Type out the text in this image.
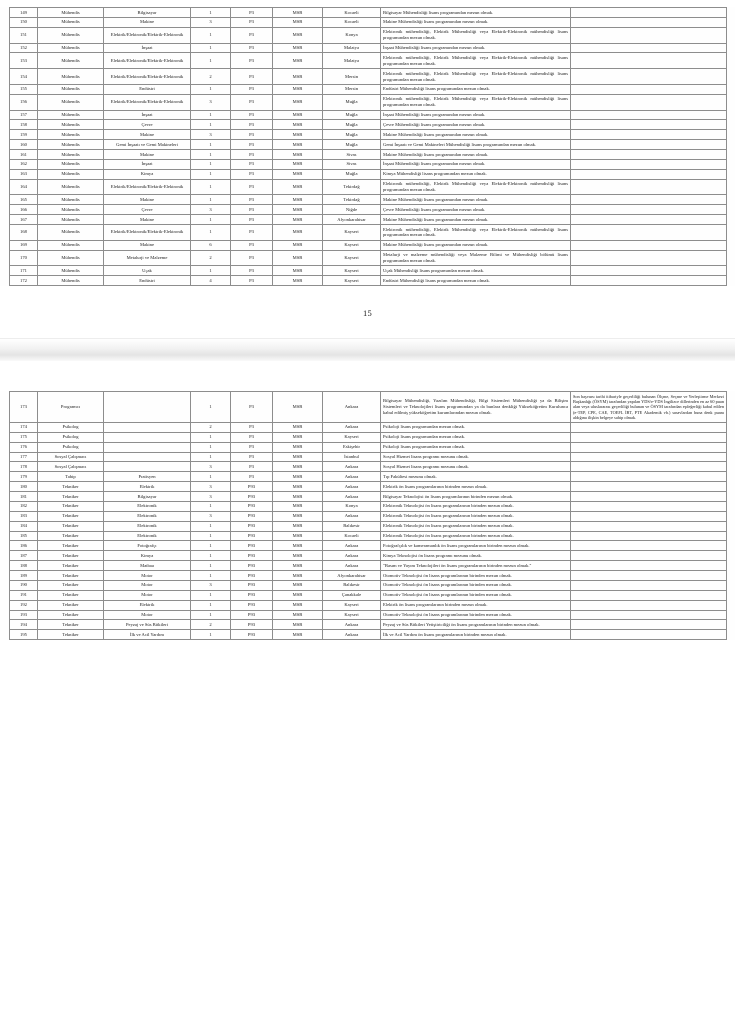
149	Mühendis	Bilgisayar	1	P3	MSB	Kocaeli	Bilgisayar Mühendisliği lisans programından mezun olmak.	
150	Mühendis	Makine	3	P3	MSB	Kocaeli	Makine Mühendisliği lisans programından mezun olmak.	
151	Mühendis	Elektrik/Elektronik/Elektrik-Elektronik	1	P3	MSB	Konya	Elektronik mühendisliği, Elektrik Mühendisliği veya Elektrik-Elektronik mühendisliği lisans programından mezun olmak.	
152	Mühendis	İnşaat	1	P3	MSB	Malatya	İnşaat Mühendisliği lisans programından mezun olmak.	
153	Mühendis	Elektrik/Elektronik/Elektrik-Elektronik	1	P3	MSB	Malatya	Elektronik mühendisliği, Elektrik Mühendisliği veya Elektrik-Elektronik mühendisliği lisans programından mezun olmak.	
154	Mühendis	Elektrik/Elektronik/Elektrik-Elektronik	2	P3	MSB	Mersin	Elektronik mühendisliği, Elektrik Mühendisliği veya Elektrik-Elektronik mühendisliği lisans programından mezun olmak.	
155	Mühendis	Endüstri	1	P3	MSB	Mersin	Endüstri Mühendisliği lisans programından mezun olmak.	
156	Mühendis	Elektrik/Elektronik/Elektrik-Elektronik	3	P3	MSB	Muğla	Elektronik mühendisliği, Elektrik Mühendisliği veya Elektrik-Elektronik mühendisliği lisans programından mezun olmak.	
157	Mühendis	İnşaat	1	P3	MSB	Muğla	İnşaat Mühendisliği lisans programından mezun olmak.	
158	Mühendis	Çevre	1	P3	MSB	Muğla	Çevre Mühendisliği lisans programından mezun olmak.	
159	Mühendis	Makine	3	P3	MSB	Muğla	Makine Mühendisliği lisans programından mezun olmak.	
160	Mühendis	Gemi İnşaatı ve Gemi Makineleri	1	P3	MSB	Muğla	Gemi İnşaatı ve Gemi Makineleri Mühendisliği lisans programından mezun olmak.	
161	Mühendis	Makine	1	P3	MSB	Sivas	Makine Mühendisliği lisans programından mezun olmak.	
162	Mühendis	İnşaat	1	P3	MSB	Sivas	İnşaat Mühendisliği lisans programından mezun olmak.	
163	Mühendis	Kimya	1	P3	MSB	Muğla	Kimya Mühendisliği lisans programından mezun olmak.	
164	Mühendis	Elektrik/Elektronik/Elektrik-Elektronik	1	P3	MSB	Tekirdağ	Elektronik mühendisliği, Elektrik Mühendisliği veya Elektrik-Elektronik mühendisliği lisans programından mezun olmak.	
165	Mühendis	Makine	1	P3	MSB	Tekirdağ	Makine Mühendisliği lisans programından mezun olmak.	
166	Mühendis	Çevre	3	P3	MSB	Niğde	Çevre Mühendisliği lisans programından mezun olmak.	
167	Mühendis	Makine	1	P3	MSB	Afyonkarahisar	Makine Mühendisliği lisans programından mezun olmak.	
168	Mühendis	Elektrik/Elektronik/Elektrik-Elektronik	1	P3	MSB	Kayseri	Elektronik mühendisliği, Elektrik Mühendisliği veya Elektrik-Elektronik mühendisliği lisans programından mezun olmak.	
169	Mühendis	Makine	6	P3	MSB	Kayseri	Makine Mühendisliği lisans programından mezun olmak.	
170	Mühendis	Metalurji ve Malzeme	2	P3	MSB	Kayseri	Metalurji ve malzeme mühendisliği veya Malzeme Bilimi ve Mühendisliği bölümü lisans programından mezun olmak.	
171	Mühendis	Uçak	1	P3	MSB	Kayseri	Uçak Mühendisliği lisans programından mezun olmak.	
172	Mühendis	Endüstri	4	P3	MSB	Kayseri	Endüstri Mühendisliği lisans programından mezun olmak.	
15
173	Programcı		1	P3	MSB	Ankara	Bilgisayar Mühendisliği, Yazılım Mühendisliği, Bilgi Sistemleri Mühendisliği ya da Bilişim Sistemleri ve Teknolojileri lisans programından ya da bunlara denkliği Yükseköğretim Kurulunca kabul edilmiş yükseköğretim kurumlarından mezun olmak.	Son başvuru tarihi itibariyle geçerliliği bulunan Ölçme, Seçme ve Yerleştirme Merkezi Başkanlığı (ÖSYM) tarafından yapılan YDS/e-YDS İngilizce dillerinden en az 60 puan alan veya uluslararası geçerliliği bulunan ve ÖSYM tarafından eşdeğerliği kabul edilen (e-TEP, CPE, CAE, TOEFL İBT, PTE Akademik vb.) sınavlardan buna denk puanı aldığına ilişkin belgeye sahip olmak.
174	Psikolog		2	P3	MSB	Ankara	Psikoloji lisans programından mezun olmak.	
175	Psikolog		1	P3	MSB	Kayseri	Psikoloji lisans programından mezun olmak.	
176	Psikolog		1	P3	MSB	Eskişehir	Psikoloji lisans programından mezun olmak.	
177	Sosyal Çalışmacı		1	P3	MSB	İstanbul	Sosyal Hizmet lisans programı mezunu olmak.	
178	Sosyal Çalışmacı		3	P3	MSB	Ankara	Sosyal Hizmet lisans programı mezunu olmak.	
179	Tabip	Pratisyen	1	P3	MSB	Ankara	Tıp Fakültesi mezunu olmak.	
180	Tekniker	Elektrik	3	P93	MSB	Ankara	Elektrik ön lisans programlarının birinden mezun olmak.	
181	Tekniker	Bilgisayar	3	P93	MSB	Ankara	Bilgisayar Teknolojisi ön lisans programlarının birinden mezun olmak.	
182	Tekniker	Elektronik	1	P93	MSB	Konya	Elektronik Teknolojisi ön lisans programlarının birinden mezun olmak.	
183	Tekniker	Elektronik	3	P93	MSB	Ankara	Elektronik Teknolojisi ön lisans programlarının birinden mezun olmak.	
184	Tekniker	Elektronik	1	P93	MSB	Balıkesir	Elektronik Teknolojisi ön lisans programlarının birinden mezun olmak.	
185	Tekniker	Elektronik	1	P93	MSB	Kocaeli	Elektronik Teknolojisi ön lisans programlarının birinden mezun olmak.	
186	Tekniker	Fotoğrafçı	1	P93	MSB	Ankara	Fotoğrafçılık ve kameramanlık ön lisans programlarının birinden mezun olmak.	
187	Tekniker	Kimya	1	P93	MSB	Ankara	Kimya Teknolojisi ön lisans programı mezunu olmak.	
188	Tekniker	Matbaa	1	P93	MSB	Ankara	"Basım ve Yayım Teknolojileri ön lisans programlarının birinden mezun olmak."	
189	Tekniker	Motor	1	P93	MSB	Afyonkarahisar	Otomotiv Teknolojisi ön lisans programlarının birinden mezun olmak.	
190	Tekniker	Motor	3	P93	MSB	Balıkesir	Otomotiv Teknolojisi ön lisans programlarının birinden mezun olmak.	
191	Tekniker	Motor	1	P93	MSB	Çanakkale	Otomotiv Teknolojisi ön lisans programlarının birinden mezun olmak.	
192	Tekniker	Elektrik	1	P93	MSB	Kayseri	Elektrik ön lisans programlarının birinden mezun olmak.	
193	Tekniker	Motor	1	P93	MSB	Kayseri	Otomotiv Teknolojisi ön lisans programlarının birinden mezun olmak.	
194	Tekniker	Peyzaj ve Süs Bitkileri	2	P93	MSB	Ankara	Peyzaj ve Süs Bitkileri Yetiştiriciliği ön lisans programlarının birinden mezun olmak.	
195	Tekniker	İlk ve Acil Yardım	1	P93	MSB	Ankara	İlk ve Acil Yardım ön lisans programlarının birinden mezun olmak.	
